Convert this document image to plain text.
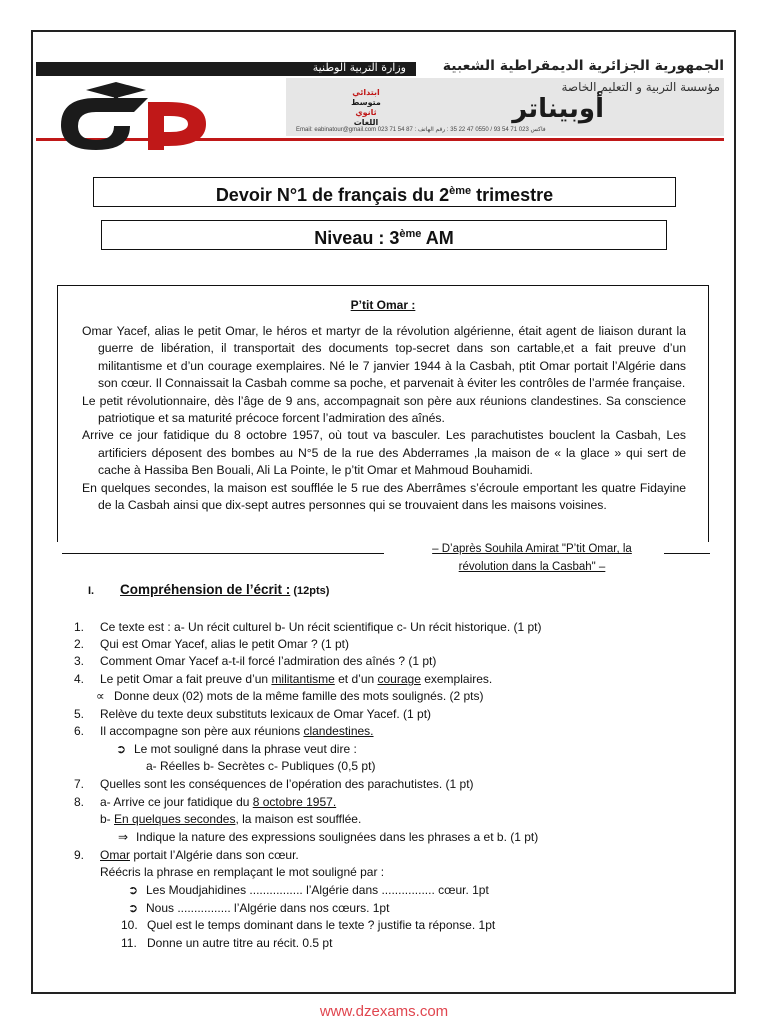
وزارة التربية الوطنية	الجمهورية الجزائرية الديمقراطية الشعبية
مؤسسة التربية و التعليم الخاصة
أوبيناتر
Email: eabinatour@gmail.com 023 71 54 87 : فاكس 023 71 54 93 / 0550 47 22 35 : رقم الهاتف
ابتدائي
متوسط
ثانوي
اللغات
Devoir N°1 de français du 2ème trimestre
Niveau : 3ème AM
P’tit Omar :

Omar Yacef, alias le petit Omar, le héros et martyr de la révolution algérienne, était agent de liaison durant la guerre de libération, il transportait des documents top-secret dans son cartable,et a fait preuve d’un militantisme et d’un courage exemplaires. Né le 7 janvier 1944 à la Casbah, ptit Omar portait l’Algérie dans son cœur. Il Connaissait la Casbah comme sa poche, et parvenait à éviter les contrôles de l’armée française.

Le petit révolutionnaire, dès l’âge de 9 ans, accompagnait son père aux réunions clandestines. Sa conscience patriotique et sa maturité précoce forcent l’admiration des aînés.

Arrive ce jour fatidique du 8 octobre 1957, où tout va basculer. Les parachutistes bouclent la Casbah, Les artificiers déposent des bombes au N°5 de la rue des Abderrames ,la maison de « la glace » qui sert de cache à Hassiba Ben Bouali, Ali La Pointe, le p’tit Omar et Mahmoud Bouhamidi.

En quelques secondes, la maison est soufflée le 5 rue des Aberrâmes s’écroule emportant les quatre Fidayine de la Casbah ainsi que dix-sept autres personnes qui se trouvaient dans les maisons voisines.

– D’après Souhila Amirat "P’tit Omar, la
révolution dans la Casbah" –
I. Compréhension de l’écrit : (12pts)
1. Ce texte est : a- Un récit culturel b- Un récit scientifique c- Un récit historique. (1 pt)
2. Qui est Omar Yacef, alias le petit Omar ? (1 pt)
3. Comment Omar Yacef a-t-il forcé l’admiration des aînés ? (1 pt)
4. Le petit Omar a fait preuve d’un militantisme et d’un courage exemplaires.
∝ Donne deux (02) mots de la même famille des mots soulignés. (2 pts)
5. Relève du texte deux substituts lexicaux de Omar Yacef. (1 pt)
6. Il accompagne son père aux réunions clandestines.
➲ Le mot souligné dans la phrase veut dire :
a- Réelles b- Secrètes c- Publiques (0,5 pt)
7. Quelles sont les conséquences de l’opération des parachutistes. (1 pt)
8. a- Arrive ce jour fatidique du 8 octobre 1957.
b- En quelques secondes, la maison est soufflée.
⇒ Indique la nature des expressions soulignées dans les phrases a et b. (1 pt)
9. Omar portait l’Algérie dans son cœur.
Réécris la phrase en remplaçant le mot souligné par :
➲ Les Moudjahidines ................ l’Algérie dans ................ cœur. 1pt
➲ Nous ................ l’Algérie dans nos cœurs. 1pt
10. Quel est le temps dominant dans le texte ? justifie ta réponse. 1pt
11. Donne un autre titre au récit. 0.5 pt
www.dzexams.com
